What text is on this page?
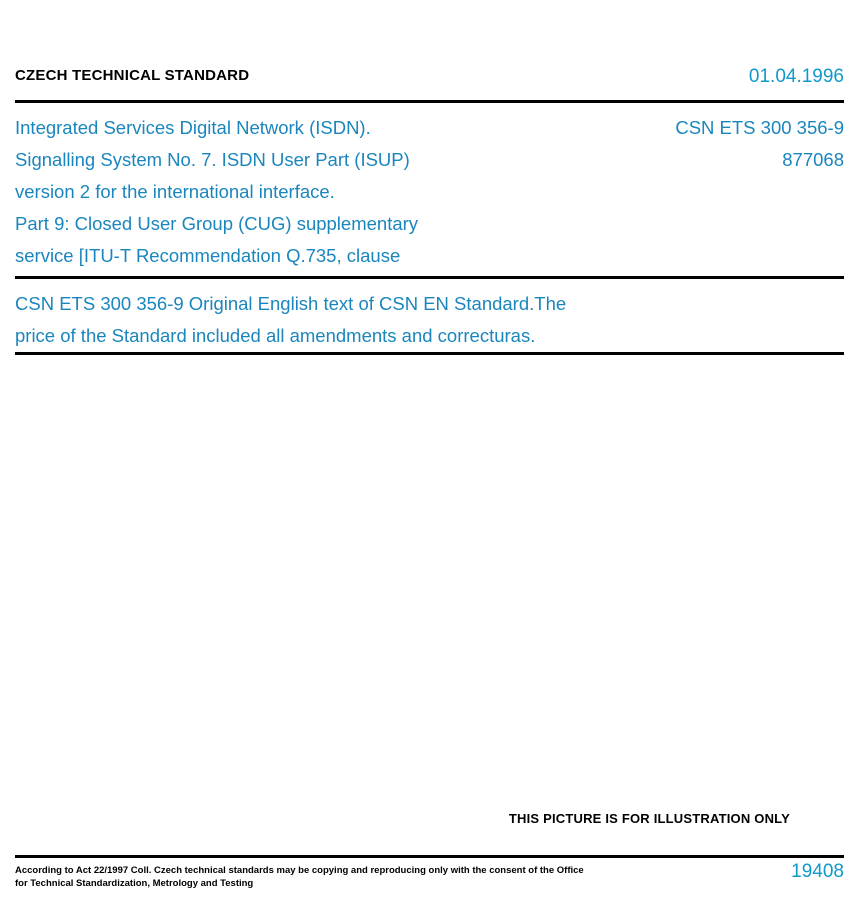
CZECH TECHNICAL STANDARD	01.04.1996
Integrated Services Digital Network (ISDN).
Signalling System No. 7. ISDN User Part (ISUP)
version 2 for the international interface.
Part 9: Closed User Group (CUG) supplementary
service [ITU-T Recommendation Q.735, clause
CSN ETS 300 356-9
877068
CSN ETS 300 356-9 Original English text of CSN EN Standard.The
price of the Standard included all amendments and correcturas.
THIS PICTURE IS FOR ILLUSTRATION ONLY
According to Act 22/1997 Coll. Czech technical standards may be copying and reproducing only with the consent of the Office
for Technical Standardization, Metrology and Testing
19408
